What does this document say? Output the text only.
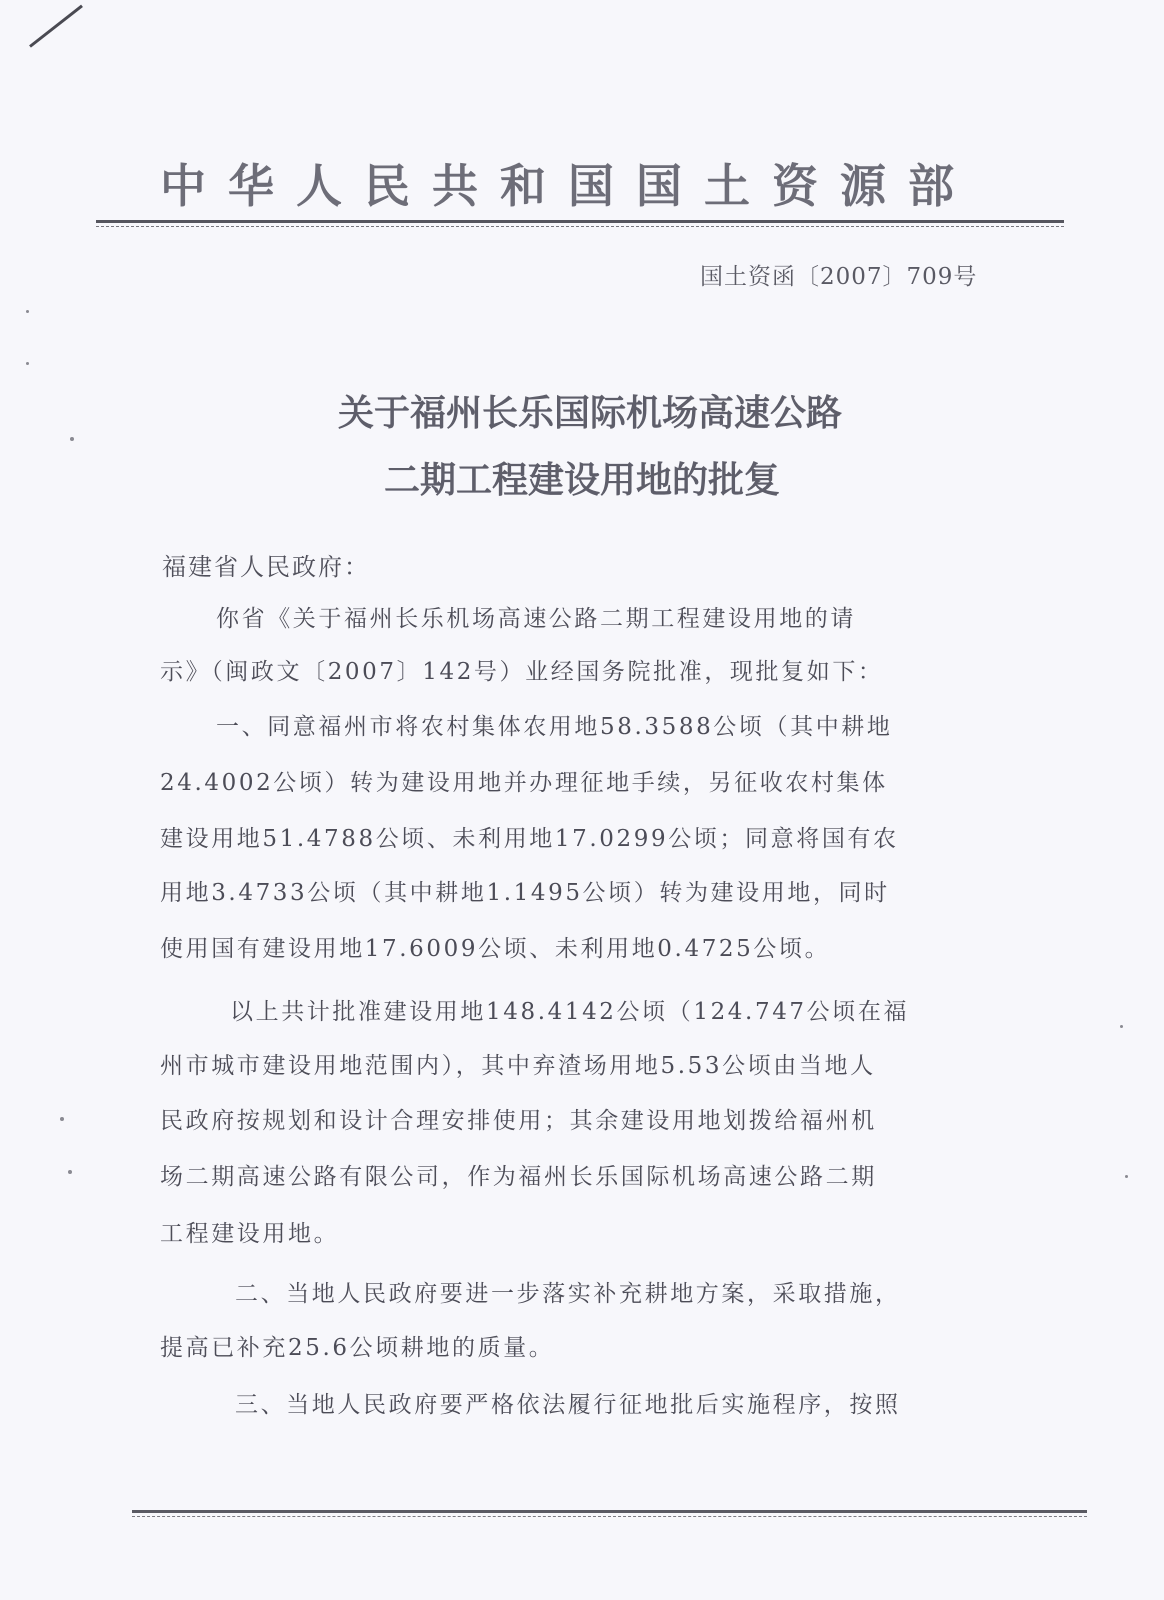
中华人民共和国国土资源部
国土资函〔2007〕709号
关于福州长乐国际机场高速公路
二期工程建设用地的批复
福建省人民政府：
你省《关于福州长乐机场高速公路二期工程建设用地的请
示》（闽政文〔2007〕142号）业经国务院批准，现批复如下：
一、同意福州市将农村集体农用地58.3588公顷（其中耕地
24.4002公顷）转为建设用地并办理征地手续，另征收农村集体
建设用地51.4788公顷、未利用地17.0299公顷；同意将国有农
用地3.4733公顷（其中耕地1.1495公顷）转为建设用地，同时
使用国有建设用地17.6009公顷、未利用地0.4725公顷。
以上共计批准建设用地148.4142公顷（124.747公顷在福
州市城市建设用地范围内），其中弃渣场用地5.53公顷由当地人
民政府按规划和设计合理安排使用；其余建设用地划拨给福州机
场二期高速公路有限公司，作为福州长乐国际机场高速公路二期
工程建设用地。
二、当地人民政府要进一步落实补充耕地方案，采取措施，
提高已补充25.6公顷耕地的质量。
三、当地人民政府要严格依法履行征地批后实施程序，按照
